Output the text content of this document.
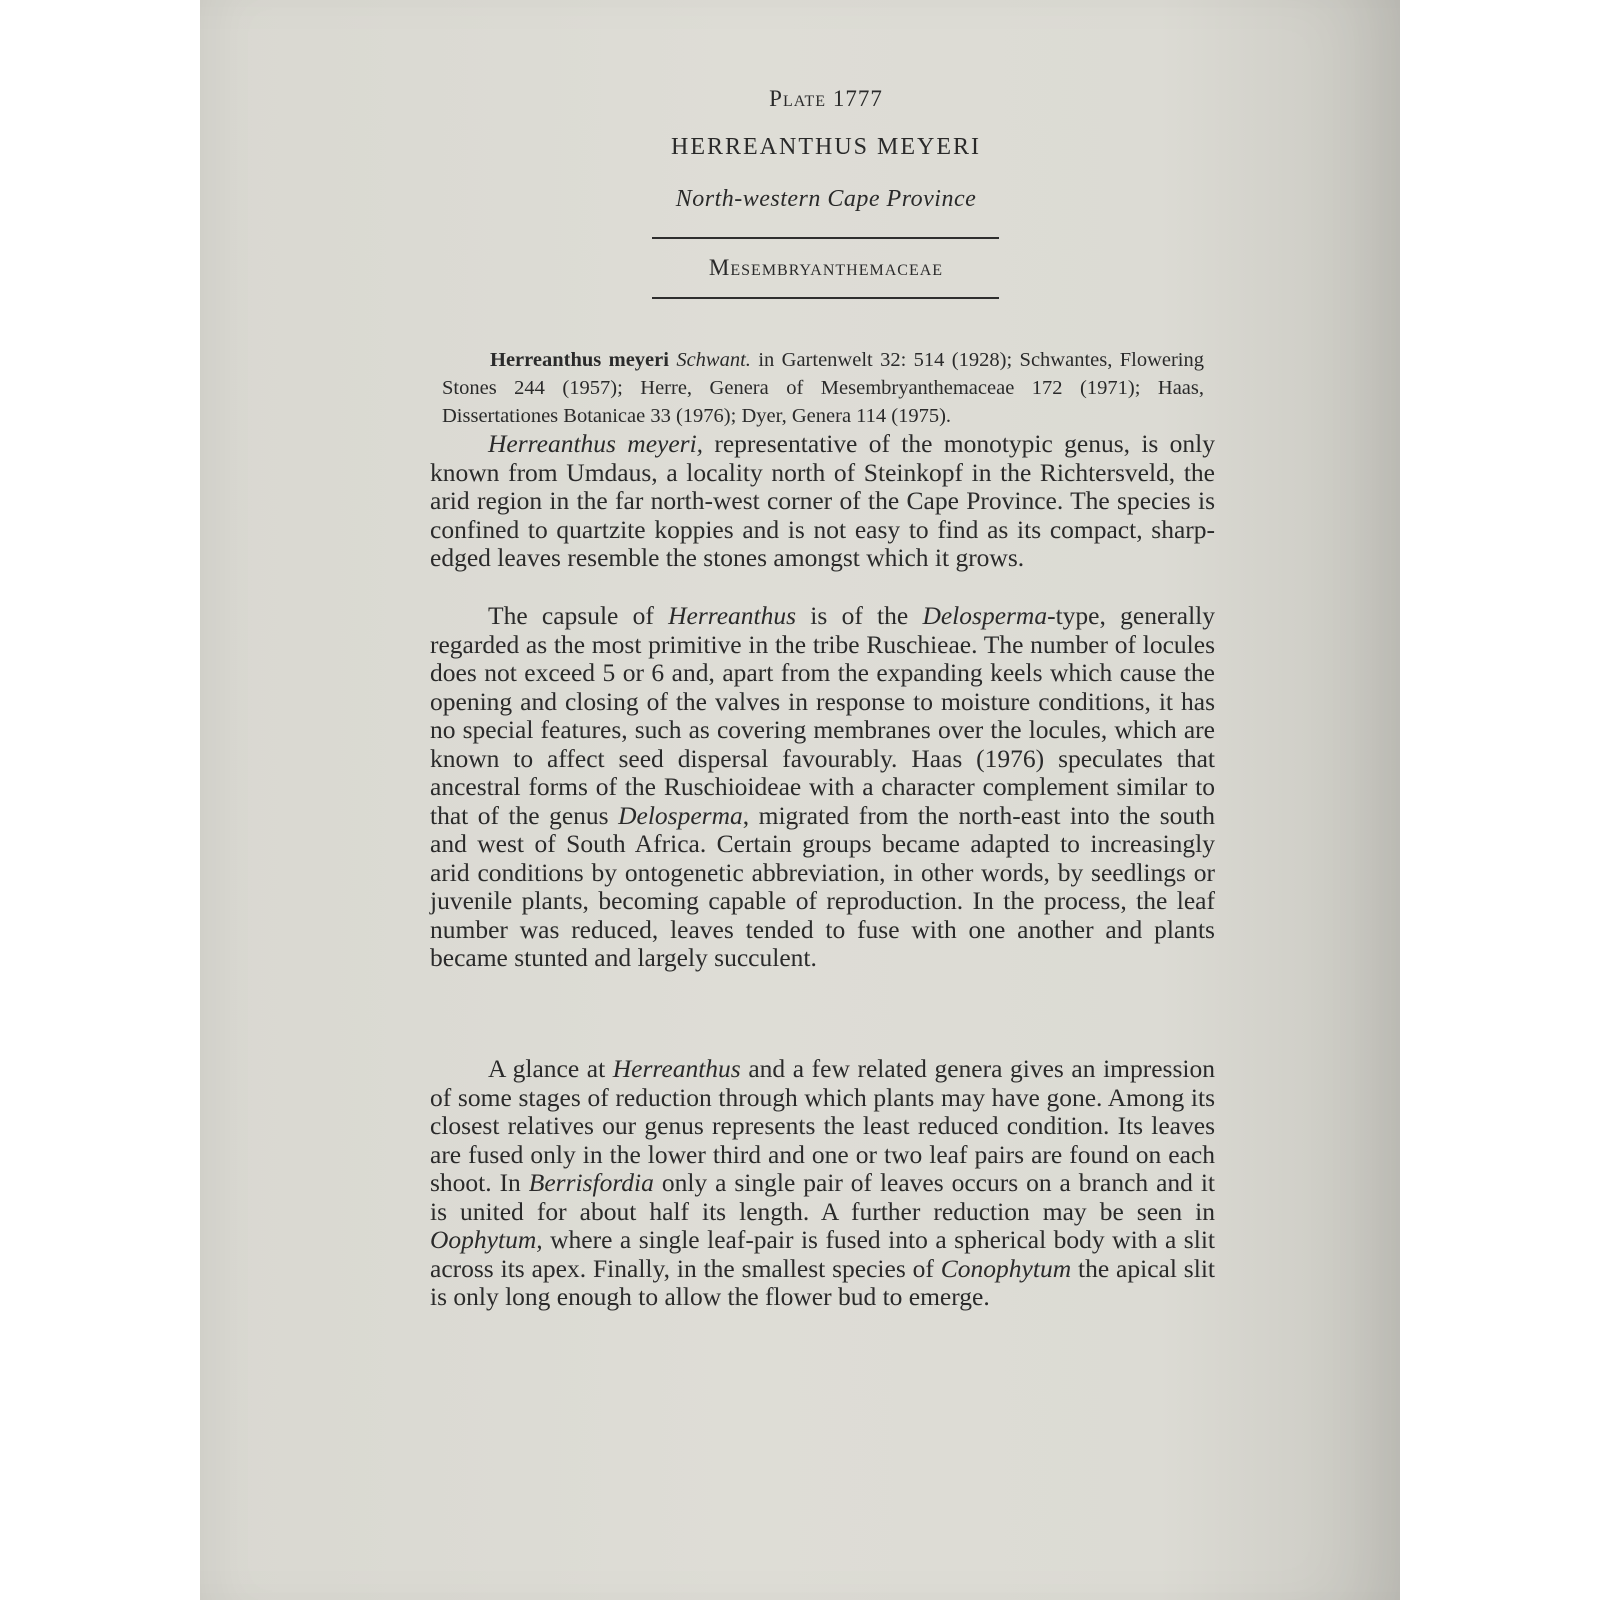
Plate 1777
HERREANTHUS MEYERI
North-western Cape Province
Mesembryanthemaceae

Herreanthus meyeri Schwant. in Gartenwelt 32: 514 (1928); Schwantes, Flowering Stones 244 (1957); Herre, Genera of Mesembryanthemaceae 172 (1971); Haas, Dissertationes Botanicae 33 (1976); Dyer, Genera 114 (1975).

Herreanthus meyeri, representative of the monotypic genus, is only known from Umdaus, a locality north of Steinkopf in the Richtersveld, the arid region in the far north-west corner of the Cape Province. The species is confined to quartzite koppies and is not easy to find as its compact, sharp-edged leaves resemble the stones amongst which it grows.

The capsule of Herreanthus is of the Delosperma-type, generally regarded as the most primitive in the tribe Ruschieae. The number of locules does not exceed 5 or 6 and, apart from the expanding keels which cause the opening and closing of the valves in response to moisture conditions, it has no special features, such as covering membranes over the locules, which are known to affect seed dispersal favourably. Haas (1976) speculates that ancestral forms of the Ruschioideae with a character complement similar to that of the genus Delosperma, migrated from the north-east into the south and west of South Africa. Certain groups became adapted to increasingly arid conditions by ontogenetic abbreviation, in other words, by seedlings or juvenile plants, becoming capable of reproduction. In the process, the leaf number was reduced, leaves tended to fuse with one another and plants became stunted and largely succulent.

A glance at Herreanthus and a few related genera gives an impression of some stages of reduction through which plants may have gone. Among its closest relatives our genus represents the least reduced condition. Its leaves are fused only in the lower third and one or two leaf pairs are found on each shoot. In Berrisfordia only a single pair of leaves occurs on a branch and it is united for about half its length. A further reduction may be seen in Oophytum, where a single leaf-pair is fused into a spherical body with a slit across its apex. Finally, in the smallest species of Conophytum the apical slit is only long enough to allow the flower bud to emerge.
